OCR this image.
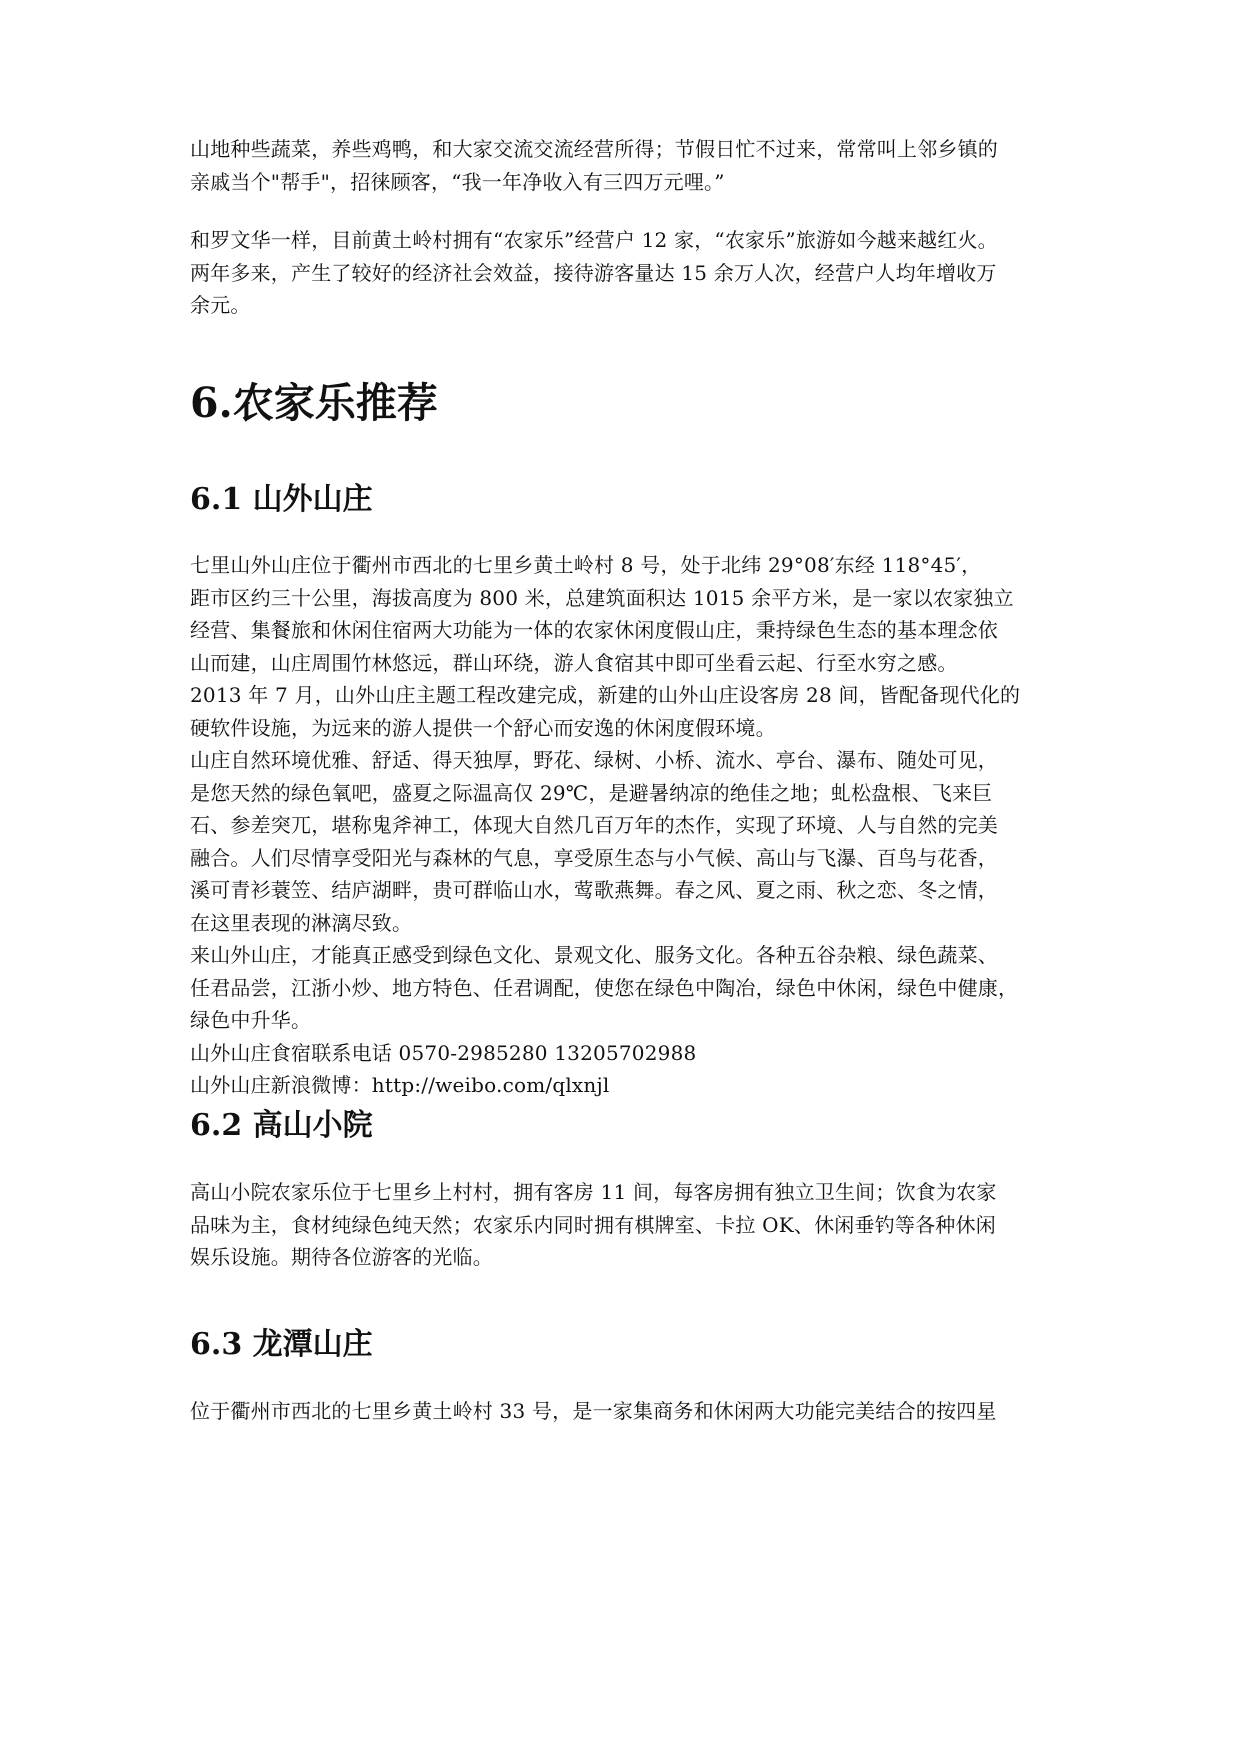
山地种些蔬菜，养些鸡鸭，和大家交流交流经营所得；节假日忙不过来，常常叫上邻乡镇的
亲戚当个"帮手"，招徕顾客，“我一年净收入有三四万元哩。”
和罗文华一样，目前黄土岭村拥有“农家乐”经营户 12 家，“农家乐”旅游如今越来越红火。
两年多来，产生了较好的经济社会效益，接待游客量达 15 余万人次，经营户人均年增收万
余元。
6.农家乐推荐
6.1 山外山庄
七里山外山庄位于衢州市西北的七里乡黄土岭村 8 号，处于北纬 29°08′东经 118°45′，
距市区约三十公里，海拔高度为 800 米，总建筑面积达 1015 余平方米，是一家以农家独立
经营、集餐旅和休闲住宿两大功能为一体的农家休闲度假山庄，秉持绿色生态的基本理念依
山而建，山庄周围竹林悠远，群山环绕，游人食宿其中即可坐看云起、行至水穷之感。
2013 年 7 月，山外山庄主题工程改建完成，新建的山外山庄设客房 28 间，皆配备现代化的
硬软件设施，为远来的游人提供一个舒心而安逸的休闲度假环境。
山庄自然环境优雅、舒适、得天独厚，野花、绿树、小桥、流水、亭台、瀑布、随处可见，
是您天然的绿色氧吧，盛夏之际温高仅 29℃，是避暑纳凉的绝佳之地；虬松盘根、飞来巨
石、参差突兀，堪称鬼斧神工，体现大自然几百万年的杰作，实现了环境、人与自然的完美
融合。人们尽情享受阳光与森林的气息，享受原生态与小气候、高山与飞瀑、百鸟与花香，
溪可青衫蓑笠、结庐湖畔，贵可群临山水，莺歌燕舞。春之风、夏之雨、秋之恋、冬之情，
在这里表现的淋漓尽致。
来山外山庄，才能真正感受到绿色文化、景观文化、服务文化。各种五谷杂粮、绿色蔬菜、
任君品尝，江浙小炒、地方特色、任君调配，使您在绿色中陶冶，绿色中休闲，绿色中健康，
绿色中升华。
山外山庄食宿联系电话 0570-2985280 13205702988
山外山庄新浪微博：http://weibo.com/qlxnjl
6.2 高山小院
高山小院农家乐位于七里乡上村村，拥有客房 11 间，每客房拥有独立卫生间；饮食为农家
品味为主，食材纯绿色纯天然；农家乐内同时拥有棋牌室、卡拉 OK、休闲垂钓等各种休闲
娱乐设施。期待各位游客的光临。
6.3 龙潭山庄
位于衢州市西北的七里乡黄土岭村 33 号，是一家集商务和休闲两大功能完美结合的按四星
